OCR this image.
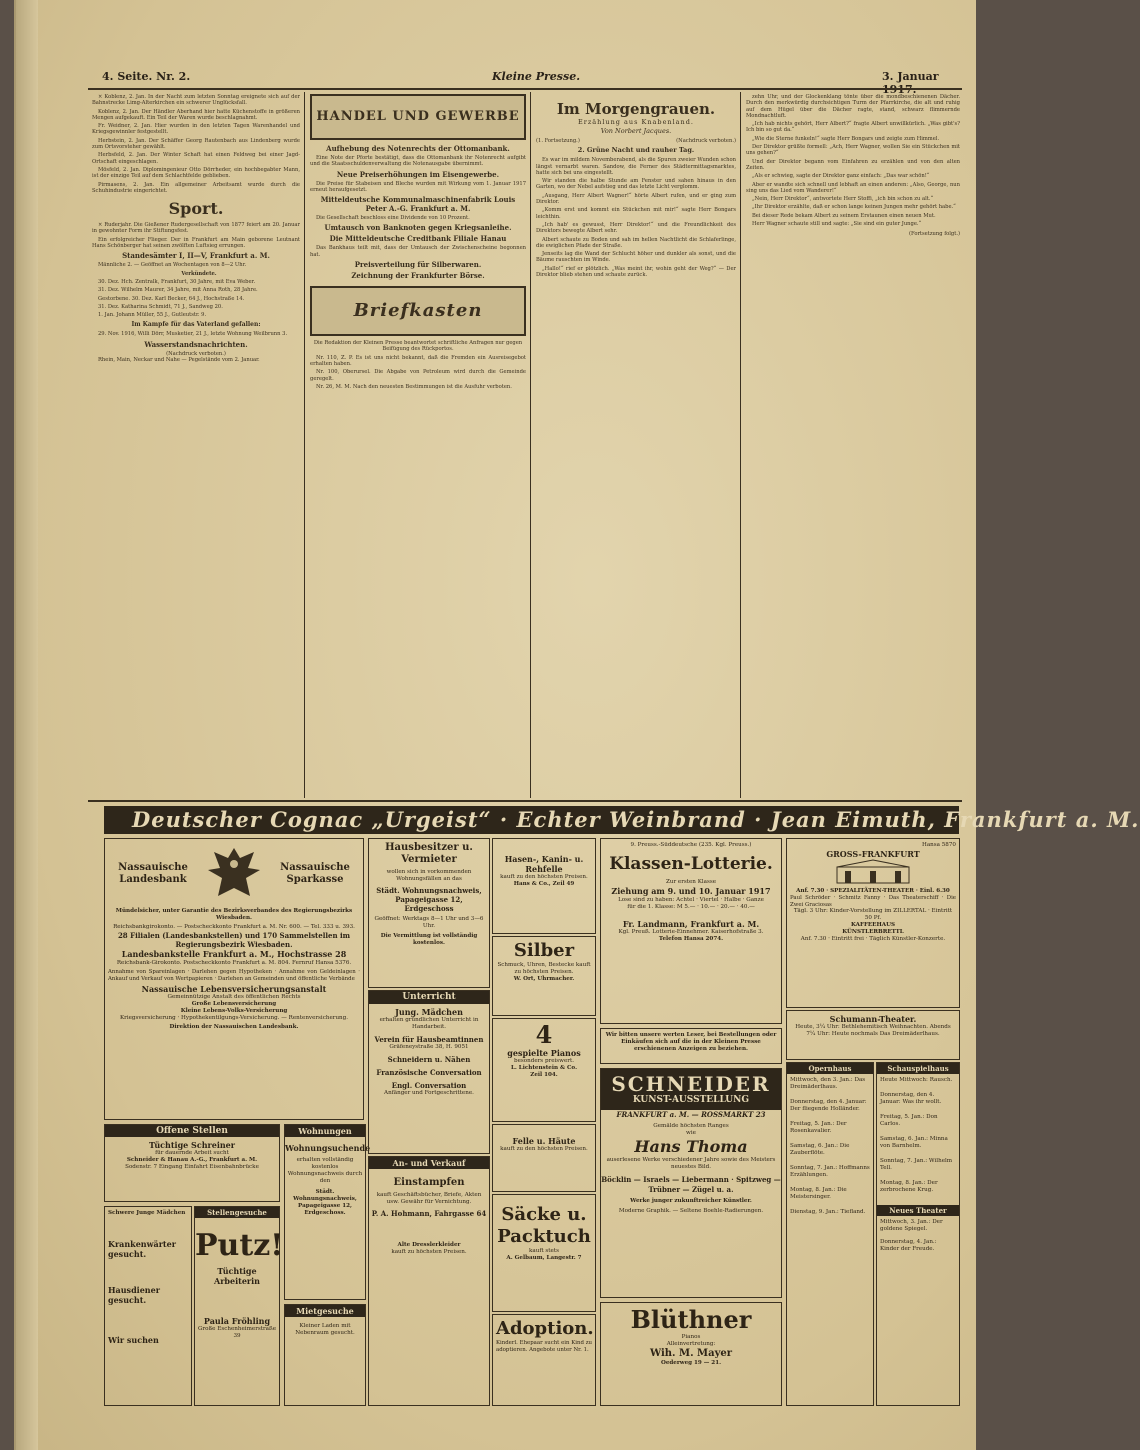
4. Seite. Nr. 2.	Kleine Presse.	3. Januar

× Koblenz, 2. Jan. In der Nacht zum letzten Sonntag ereignete sich auf der Bahnstrecke Limg-Alterkirchen ein schwerer Unglücksfall.

Koblenz, 2. Jan. Der Händler Aberhand hier hatte Küchenstoffe in größeren Mengen aufgekauft. Ein Teil der Waren wurde beschlagnahmt.

Fr. Weidner, 2. Jan. Hier wurden in den letzten Tagen Warenhandel und Kriegsgewinnler festgestellt.

Herbstein, 2. Jan. Der Schäffer Georg Rautenbach aus Lindenberg wurde zum Ortsvorsteher gewählt.

Herbsfeld, 2. Jan. Der Winter Schaft hat einen Feldweg bei einer Jagd-Ortschaft eingeschlagen.

Mösfeld, 2. Jan. Diplomingenieur Otto Dörrheder, ein hochbegabter Mann, ist der einzige Teil auf dem Schlachtfelde geblieben.

Pirmasens, 2. Jan. Ein allgemeiner Arbeitsamt wurde durch die Schuhindustrie eingerichtet.

Sport.

× Ruderjahr. Die Gießener Rudergesellschaft von 1877 feiert am 20. Januar in gewohnter Form ihr Stiftungsfest.

Ein erfolgreicher Flieger. Der in Frankfurt am Main geborene Leutnant Hans Schönberger hat seinen zwölften Luftsieg errungen.

Standesämter I, II—V, Frankfurt a. M.

Männliche 2. — Geöffnet an Wochentagen von 8—2 Uhr.

Verkündete.

30. Dez. Hch. Zentralk, Frankfurt, 30 Jahre, mit Eva Weber.

31. Dez. Wilhelm Maurer, 34 Jahre, mit Anna Roth, 28 Jahre.

Gestorbene. 30. Dez. Karl Becker, 64 J., Hochstraße 14.

31. Dez. Katharina Schmidt, 71 J., Sandweg 20.

1. Jan. Johann Müller, 55 J., Gutleutstr. 9.

Im Kampfe für das Vaterland gefallen:

29. Nov. 1916, Willi Dörr, Musketier, 21 J., letzte Wohnung Weilbrunn 3.

Wasserstandsnachrichten.
(Nachdruck verboten.)

Rhein, Main, Neckar und Nahe — Pegelstände vom 2. Januar.

HANDEL UND GEWERBE
Aufhebung des Notenrechts der Ottomanbank.

Eine Note der Pforte bestätigt, dass die Ottomanbank ihr Notenrecht aufgibt und die Staatsschuldenverwaltung die Notenausgabe übernimmt.

Neue Preiserhöhungen im Eisengewerbe.

Die Preise für Stabeisen und Bleche wurden mit Wirkung vom 1. Januar 1917 erneut heraufgesetzt.

Mitteldeutsche Kommunalmaschinenfabrik Louis Peter A.-G. Frankfurt a. M.

Die Gesellschaft beschloss eine Dividende von 10 Prozent.

Umtausch von Banknoten gegen Kriegsanleihe.
Die Mitteldeutsche Creditbank Filiale Hanau

Das Bankhaus teilt mit, dass der Umtausch der Zwischenscheine begonnen hat.

Preisverteilung für Silberwaren.
Zeichnung der Frankfurter Börse.
Briefkasten

Die Redaktion der Kleinen Presse beantwortet schriftliche Anfragen nur gegen Beifügung des Rückportos.

Nr. 110, Z. P. Es ist uns nicht bekannt, daß die Fremden ein Ausreisegebot erhalten haben.

Nr. 100, Oberursel. Die Abgabe von Petroleum wird durch die Gemeinde geregelt.

Nr. 26, M. M. Nach den neuesten Bestimmungen ist die Ausfuhr verboten.

Im Morgengrauen.
Erzählung aus Knabenland.
Von Norbert Jacques.
(1. Fortsetzung.)	(Nachdruck verboten.)
2. Grüne Nacht und rauher Tag.

Es war im mildem Novemberabend, als die Spuren zweier Wunden schon längst vernarbt waren. Sandow, die Ferner des Städtermittagsmarktes, hatte sich bei uns eingestellt.

Wir standen die halbe Stunde am Fenster und sahen hinaus in den Garten, wo der Nebel aufstieg und das letzte Licht verglomm.

„Ausgang, Herr Albert Wagner!“ hörte Albert rufen, und er ging zum Direktor.

„Komm erst und kommt ein Stückchen mit mir!“ sagte Herr Bongars leichthin.

„Ich hab' es gewusst, Herr Direktor!“ und die Freundlichkeit des Direktors bewegte Albert sehr.

Albert schaute zu Boden und sah im hellen Nachtlicht die Schlaferlinge, die ewiglichen Pfade der Straße.

Jenseits lag die Wand der Schlucht höher und dunkler als sonst, und die Bäume rauschten im Winde.

„Hallo!“ rief er plötzlich. „Was meint ihr, wohin geht der Weg?“ — Der Direktor blieb stehen und schaute zurück.

zehn Uhr, und der Glockenklang tönte über die mondbeschienenen Dächer. Durch den merkwürdig durchsichtigen Turm der Pfarrkirche, die alt und ruhig auf dem Hügel über die Dächer ragte, stand, schwarz flimmernde Mondnachtluft.

„Ich hab nichts gehört, Herr Albert?“ fragte Albert unwillkürlich. „Was gibt's? Ich bin so gut da.“

„Wie die Sterne funkeln!“ sagte Herr Bongars und zeigte zum Himmel.

Der Direktor grüßte formell: „Ach, Herr Wagner, wollen Sie ein Stückchen mit uns gehen?“

Und der Direktor begann vom Einfahren zu erzählen und von den alten Zeiten.

„Als er schwieg, sagte der Direktor ganz einfach: „Das war schön!“

Aber er wandte sich schnell und lebhaft an einen anderen: „Also, George, nun sing uns das Lied vom Wanderer!“

„Nein, Herr Direktor“, antwortete Herr Stoffi, „ich bin schon zu alt.“

„Ihr Direktor erzählte, daß er schon lange keinen Jungen mehr gehört habe.“

Bei dieser Rede bekam Albert zu seinem Erstaunen einen neuen Mut.

Herr Wagner schaute still und sagte: „Sie sind ein guter Junge.“

(Fortsetzung folgt.)

Deutscher Cognac „Urgeist“ · Echter Weinbrand · Jean Eimuth, Frankfurt a. M.
Nassauische Landesbank
Nassauische Sparkasse
Mündelsicher, unter Garantie des Bezirksverbandes des Regierungsbezirks Wiesbaden.
Reichsbankgirokonto. — Postscheckkonto Frankfurt a. M. Nr. 600. — Tel. 333 u. 393.
28 Filialen (Landesbankstellen) und 170 Sammelstellen im Regierungsbezirk Wiesbaden.
Landesbankstelle Frankfurt a. M., Hochstrasse 28
Reichsbank-Girokonto. Postscheckkonto Frankfurt a. M. 804. Fernruf Hansa 5376.
Annahme von Spareinlagen · Darlehen gegen Hypotheken · Annahme von Geldeinlagen · Ankauf und Verkauf von Wertpapieren · Darlehen an Gemeinden und öffentliche Verbände
Nassauische Lebensversicherungsanstalt
Gemeinnützige Anstalt des öffentlichen Rechts
Große Lebensversicherung
Kleine Lebens-Volks-Versicherung
Kriegsversicherung · Hypothekentilgungs-Versicherung. — Rentenversicherung.
Direktion der Nassauischen Landesbank.
Offene Stellen
Tüchtige Schreiner
für dauernde Arbeit sucht
Schneider & Hanau A.-G., Frankfurt a. M.
Sodenstr. 7 Eingang Einfahrt Eisenbahnbrücke
Schwere Junge Mädchen
Krankenwärter gesucht.
Hausdiener gesucht.
Wir suchen
Stellengesuche
Putz!
Tüchtige Arbeiterin
Paula Fröhling
Große Eschenheimerstraße 39
Wohnungen
Wohnungsuchende
erhalten vollständig kostenlos Wohnungsnachweis durch den
Städt. Wohnungsnachweis, Papageigasse 12, Erdgeschoss.
Mietgesuche
Kleiner Laden mit Nebenraum gesucht.
Hausbesitzer u. Vermieter
wollen sich in vorkommenden Wohnungsfällen an das
Städt. Wohnungsnachweis, Papageigasse 12, Erdgeschoss
Geöffnet: Werktags 8—1 Uhr und 3—6 Uhr.
Die Vermittlung ist vollständig kostenlos.
Unterricht
Jung. Mädchen
erhalten gründlichen Unterricht in Handarbeit.
Verein für Hausbeamtinnen
Gräfeneystraße 38, H. 9051
Schneidern u. Nähen
Französische Conversation
Engl. Conversation
Anfänger und Fortgeschrittene.
An- und Verkauf
Einstampfen
kauft Geschäftsbücher, Briefe, Akten usw. Gewähr für Vernichtung.
P. A. Hohmann, Fahrgasse 64
Alte Dresslerkleider
kauft zu höchsten Preisen.
Hasen-, Kanin- u. Rehfelle
kauft zu den höchsten Preisen.
Hans & Co., Zeil 49
Silber
Schmuck, Uhren, Bestecke kauft zu höchsten Preisen.
W. Ort, Uhrmacher.
4
gespielte Pianos
besonders preiswert.
L. Lichtenstein & Co.
Zeil 104.
Felle u. Häute
kauft zu den höchsten Preisen.
Säcke u. Packtuch
kauft stets
A. Gelbaum, Langestr. 7
Adoption.
Kinderl. Ehepaar sucht ein Kind zu adoptieren. Angebote unter Nr. 1.
9. Preuss.-Süddeutsche (235. Kgl. Preuss.)
Klassen-Lotterie.
Zur ersten Klasse
Ziehung am 9. und 10. Januar 1917
Lose sind zu haben: Achtel · Viertel · Halbe · Ganze
für die 1. Klasse: M 5.— · 10.— · 20.— · 40.—
Fr. Landmann, Frankfurt a. M.
Kgl. Preuß. Lotterie-Einnehmer. Kaiserhofstraße 3.
Telefon Hansa 2074.
Wir bitten unsere werten Leser, bei Bestellungen oder Einkäufen sich auf die in der Kleinen Presse erschienenen Anzeigen zu beziehen.
SCHNEIDER
KUNST-AUSSTELLUNG
FRANKFURT a. M. — ROSSMARKT 23
Gemälde höchsten Ranges
wie
Hans Thoma
auserlesene Werke verschiedener Jahre sowie des Meisters neuestes Bild.
Böcklin — Israels — Liebermann · Spitzweg — Trübner — Zügel u. a.
Werke junger zukunftreicher Künstler.
Moderne Graphik. — Seltene Boehle-Radierungen.
Blüthner
Pianos
Alleinvertretung:
Wih. M. Mayer
Oederweg 19 — 21.
Hansa 5870
GROSS-FRANKFURT
Anf. 7.30 · SPEZIALITÄTEN-THEATER · Einl. 6.30
Paul Schröder · Schmitz Fanny · Das Theaterschiff · Die Zwei Graciosas
Tägl. 3 Uhr: Kinder-Vorstellung im ZILLERTAL · Eintritt 50 Pf.
KAFFEEHAUS
KÜNSTLERBRETTL
Anf. 7.30 · Eintritt frei · Täglich Künstler-Konzerte.
Schumann-Theater.
Heute, 3¼ Uhr: Bethlehemitisch Weihnachten. Abends 7¼ Uhr: Heute nochmals Das Dreimäderlhaus.
Opernhaus

Mittwoch, den 3. Jan.: Das Dreimäderlhaus.

Donnerstag, den 4. Januar: Der fliegende Holländer.

Freitag, 5. Jan.: Der Rosenkavalier.

Samstag, 6. Jan.: Die Zauberflöte.

Sonntag, 7. Jan.: Hoffmanns Erzählungen.

Montag, 8. Jan.: Die Meistersinger.

Dienstag, 9. Jan.: Tiefland.

Schauspielhaus

Heute Mittwoch: Rausch.

Donnerstag, den 4. Januar: Was ihr wollt.

Freitag, 5. Jan.: Don Carlos.

Samstag, 6. Jan.: Minna von Barnhelm.

Sonntag, 7. Jan.: Wilhelm Tell.

Montag, 8. Jan.: Der zerbrochene Krug.

Neues Theater

Mittwoch, 3. Jan.: Der goldene Spiegel.

Donnerstag, 4. Jan.: Kinder der Freude.
